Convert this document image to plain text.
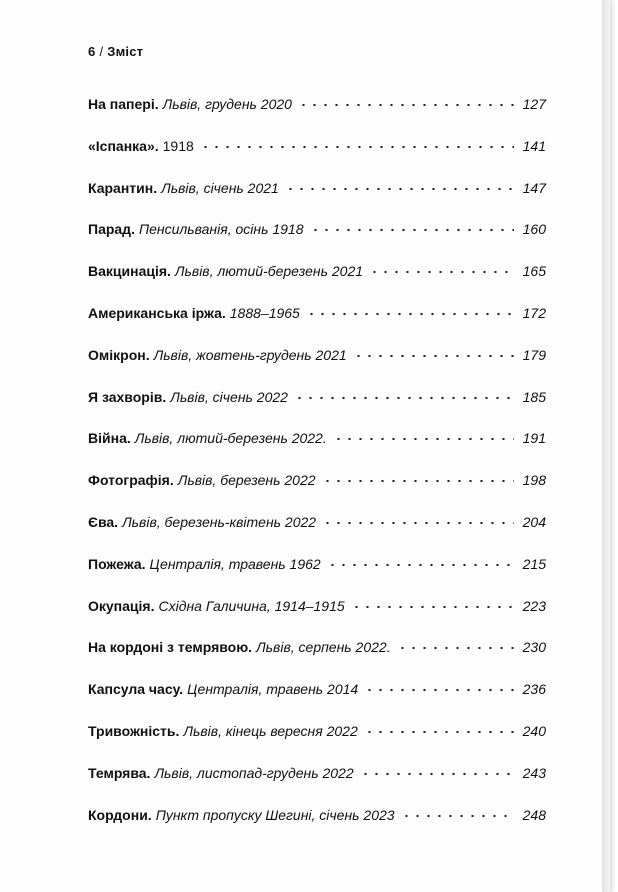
6 / Зміст
На папері. Львів, грудень 2020	127
«Іспанка». 1918	141
Карантин. Львів, січень 2021	147
Парад. Пенсильванія, осінь 1918	160
Вакцинація. Львів, лютий-березень 2021	165
Американська іржа. 1888–1965	172
Омікрон. Львів, жовтень-грудень 2021	179
Я захворів. Львів, січень 2022	185
Війна. Львів, лютий-березень 2022.	191
Фотографія. Львів, березень 2022	198
Єва. Львів, березень-квітень 2022	204
Пожежа. Централія, травень 1962	215
Окупація. Східна Галичина, 1914–1915	223
На кордоні з темрявою. Львів, серпень 2022.	230
Капсула часу. Централія, травень 2014	236
Тривожність. Львів, кінець вересня 2022	240
Темрява. Львів, листопад-грудень 2022	243
Кордони. Пункт пропуску Шегині, січень 2023	248
